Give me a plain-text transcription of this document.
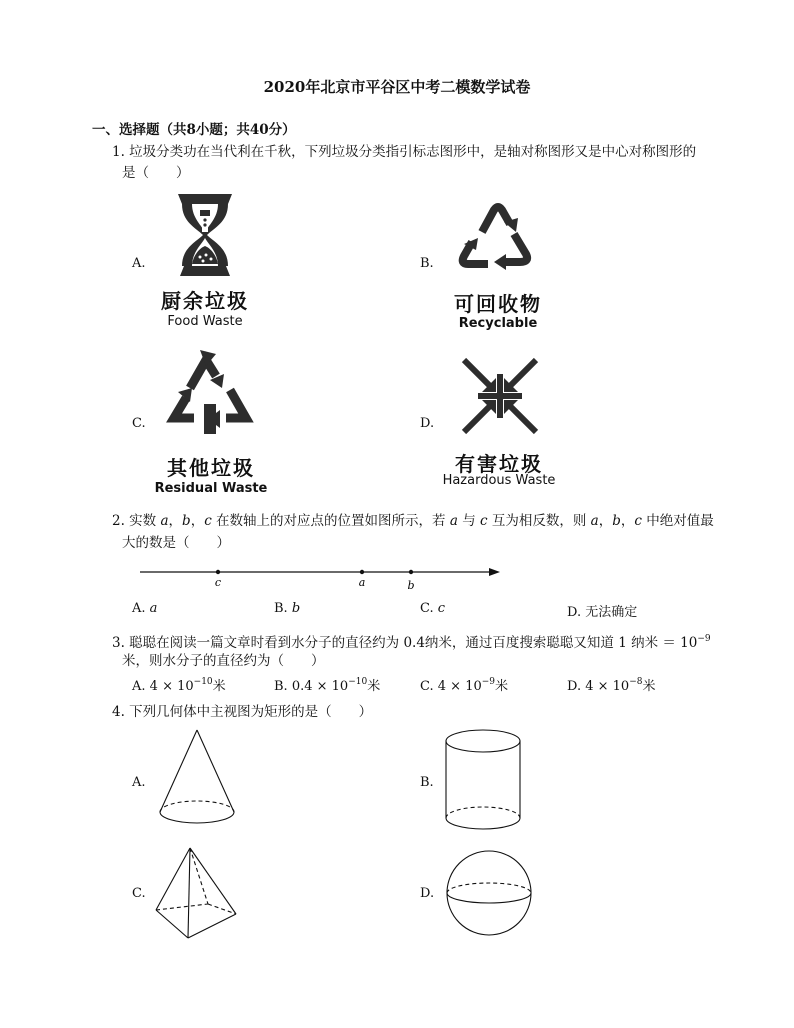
2020年北京市平谷区中考二模数学试卷
一、选择题（共8小题；共40分）
1. 垃圾分类功在当代利在千秋，下列垃圾分类指引标志图形中，是轴对称图形又是中心对称图形的
是（　　）
A.
厨余垃圾
Food Waste
B.
可回收物
Recyclable
C.
其他垃圾
Residual Waste
D.
有害垃圾
Hazardous Waste
2. 实数 a，b，c 在数轴上的对应点的位置如图所示，若 a 与 c 互为相反数，则 a，b，c 中绝对值最
大的数是（　　）
c	a	b
A. a	B. b	C. c	D. 无法确定
3. 聪聪在阅读一篇文章时看到水分子的直径约为 0.4纳米，通过百度搜索聪聪又知道 1 纳米 ＝ $10^{-9}$
米，则水分子的直径约为（　　）
A. $4 \times 10^{-10}$米	B. $0.4 \times 10^{-10}$米	C. $4 \times 10^{-9}$米	D. $4 \times 10^{-8}$米
4. 下列几何体中主视图为矩形的是（　　）
A.	B.
C.	D.
